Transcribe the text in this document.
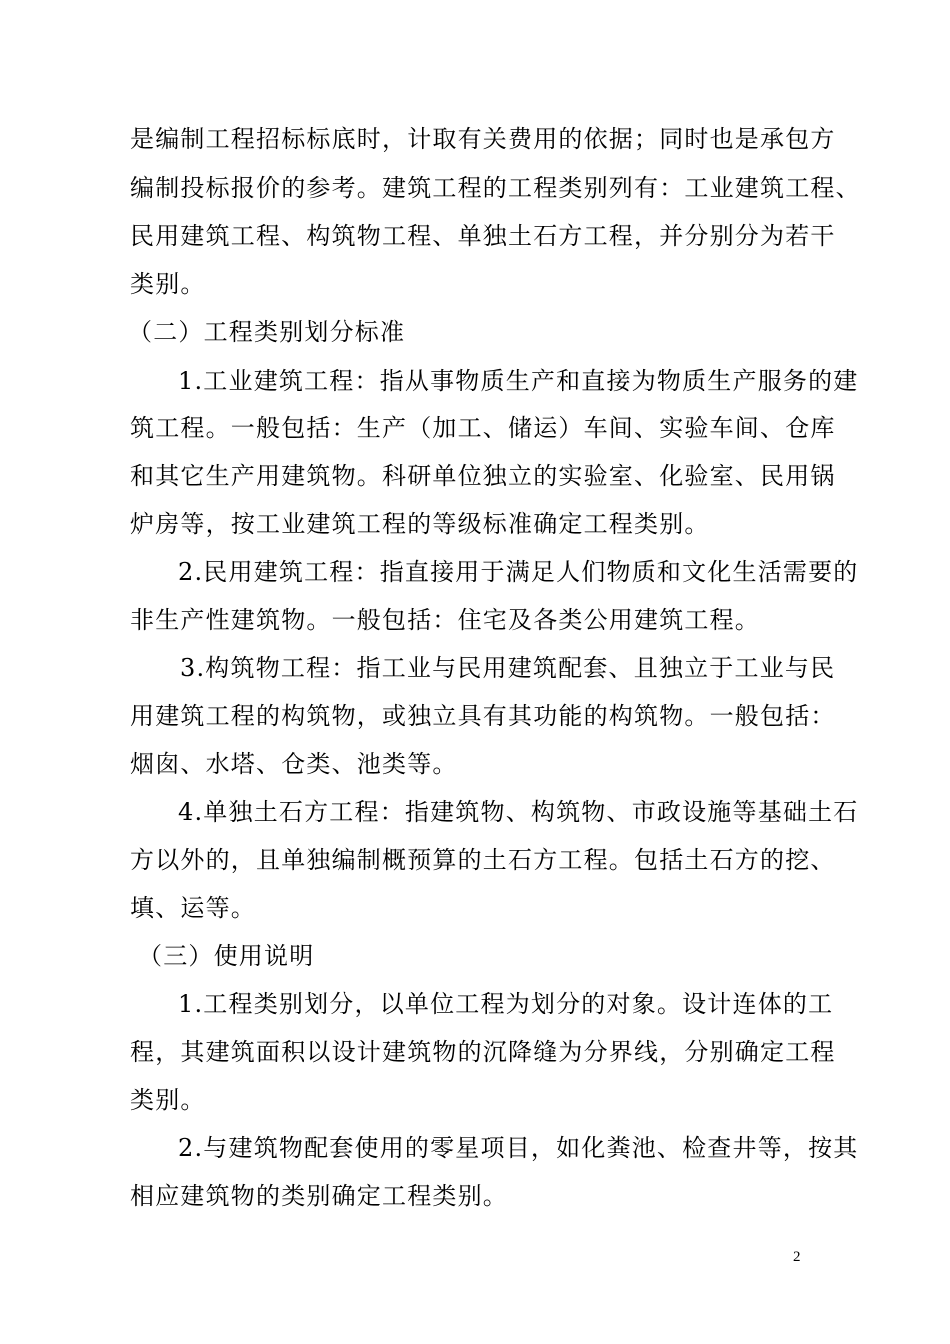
是编制工程招标标底时，计取有关费用的依据；同时也是承包方
编制投标报价的参考。建筑工程的工程类别列有：工业建筑工程、
民用建筑工程、构筑物工程、单独土石方工程，并分别分为若干
类别。
（二）工程类别划分标准
1.工业建筑工程：指从事物质生产和直接为物质生产服务的建
筑工程。一般包括：生产（加工、储运）车间、实验车间、仓库
和其它生产用建筑物。科研单位独立的实验室、化验室、民用锅
炉房等，按工业建筑工程的等级标准确定工程类别。
2.民用建筑工程：指直接用于满足人们物质和文化生活需要的
非生产性建筑物。一般包括：住宅及各类公用建筑工程。
3.构筑物工程：指工业与民用建筑配套、且独立于工业与民
用建筑工程的构筑物，或独立具有其功能的构筑物。一般包括：
烟囱、水塔、仓类、池类等。
4.单独土石方工程：指建筑物、构筑物、市政设施等基础土石
方以外的，且单独编制概预算的土石方工程。包括土石方的挖、
填、运等。
（三）使用说明
1.工程类别划分，以单位工程为划分的对象。设计连体的工
程，其建筑面积以设计建筑物的沉降缝为分界线，分别确定工程
类别。
2.与建筑物配套使用的零星项目，如化粪池、检查井等，按其
相应建筑物的类别确定工程类别。
2
